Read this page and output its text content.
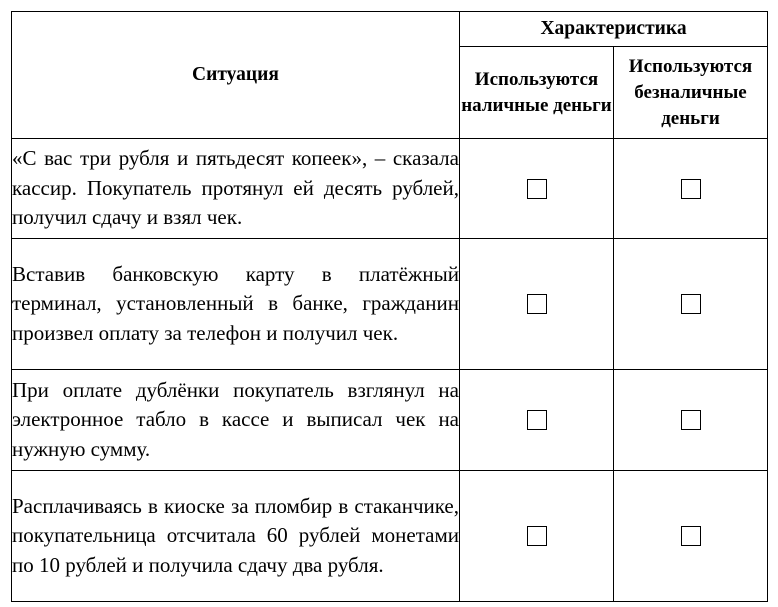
Ситуация	Характеристика	
	Используются наличные деньги	Используются безналичные деньги
«С вас три рубля и пятьдесят копеек», – сказала кассир. Покупатель протянул ей десять рублей, получил сдачу и взял чек.		
Вставив банковскую карту в платёжный терминал, установленный в банке, гражданин произвел оплату за телефон и получил чек.		
При оплате дублёнки покупатель взглянул на электронное табло в кассе и выписал чек на нужную сумму.		
Расплачиваясь в киоске за пломбир в стаканчике, покупательница отсчитала 60 рублей монетами по 10 рублей и получила сдачу два рубля.		
